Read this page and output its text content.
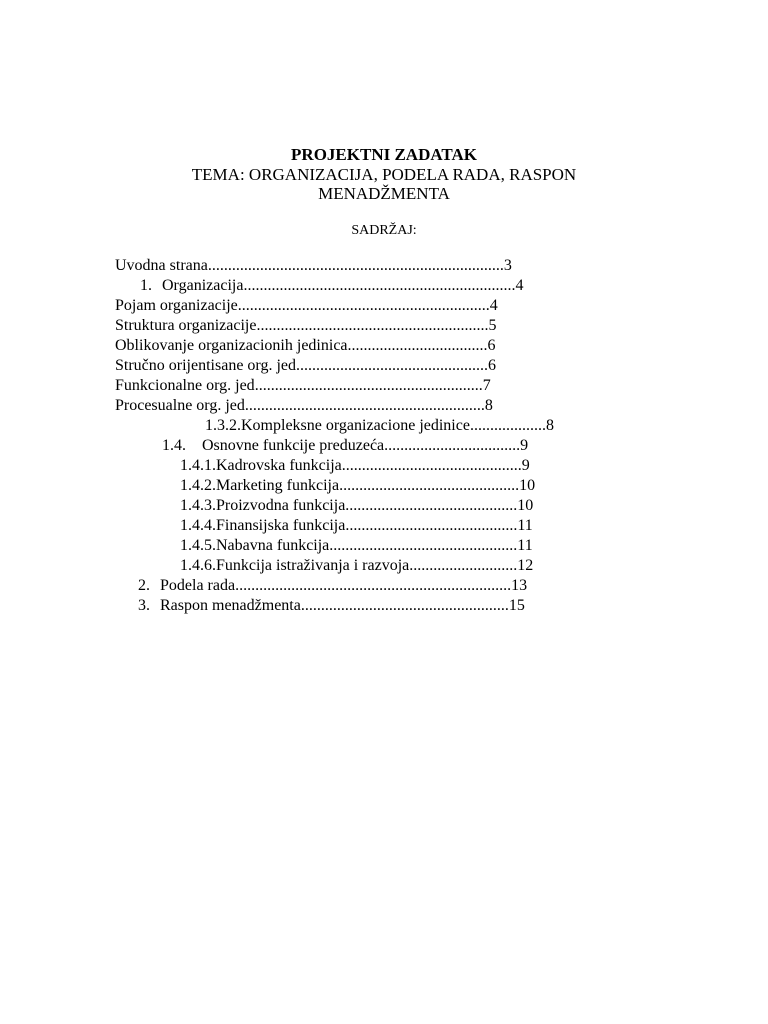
PROJEKTNI ZADATAK
TEMA: ORGANIZACIJA, PODELA RADA, RASPON
MENADŽMENTA
SADRŽAJ:
Uvodna strana..........................................................................3
1. Organizacija....................................................................4
Pojam organizacije...............................................................4
Struktura organizacije..........................................................5
Oblikovanje organizacionih jedinica...................................6
Stručno orijentisane org. jed................................................6
Funkcionalne org. jed.........................................................7
Procesualne org. jed............................................................8
1.3.2.Kompleksne organizacione jedinice...................8
1.4. Osnovne funkcije preduzeća..................................9
1.4.1.Kadrovska funkcija.............................................9
1.4.2.Marketing funkcija.............................................10
1.4.3.Proizvodna funkcija...........................................10
1.4.4.Finansijska funkcija...........................................11
1.4.5.Nabavna funkcija...............................................11
1.4.6.Funkcija istraživanja i razvoja...........................12
2. Podela rada.....................................................................13
3. Raspon menadžmenta....................................................15
